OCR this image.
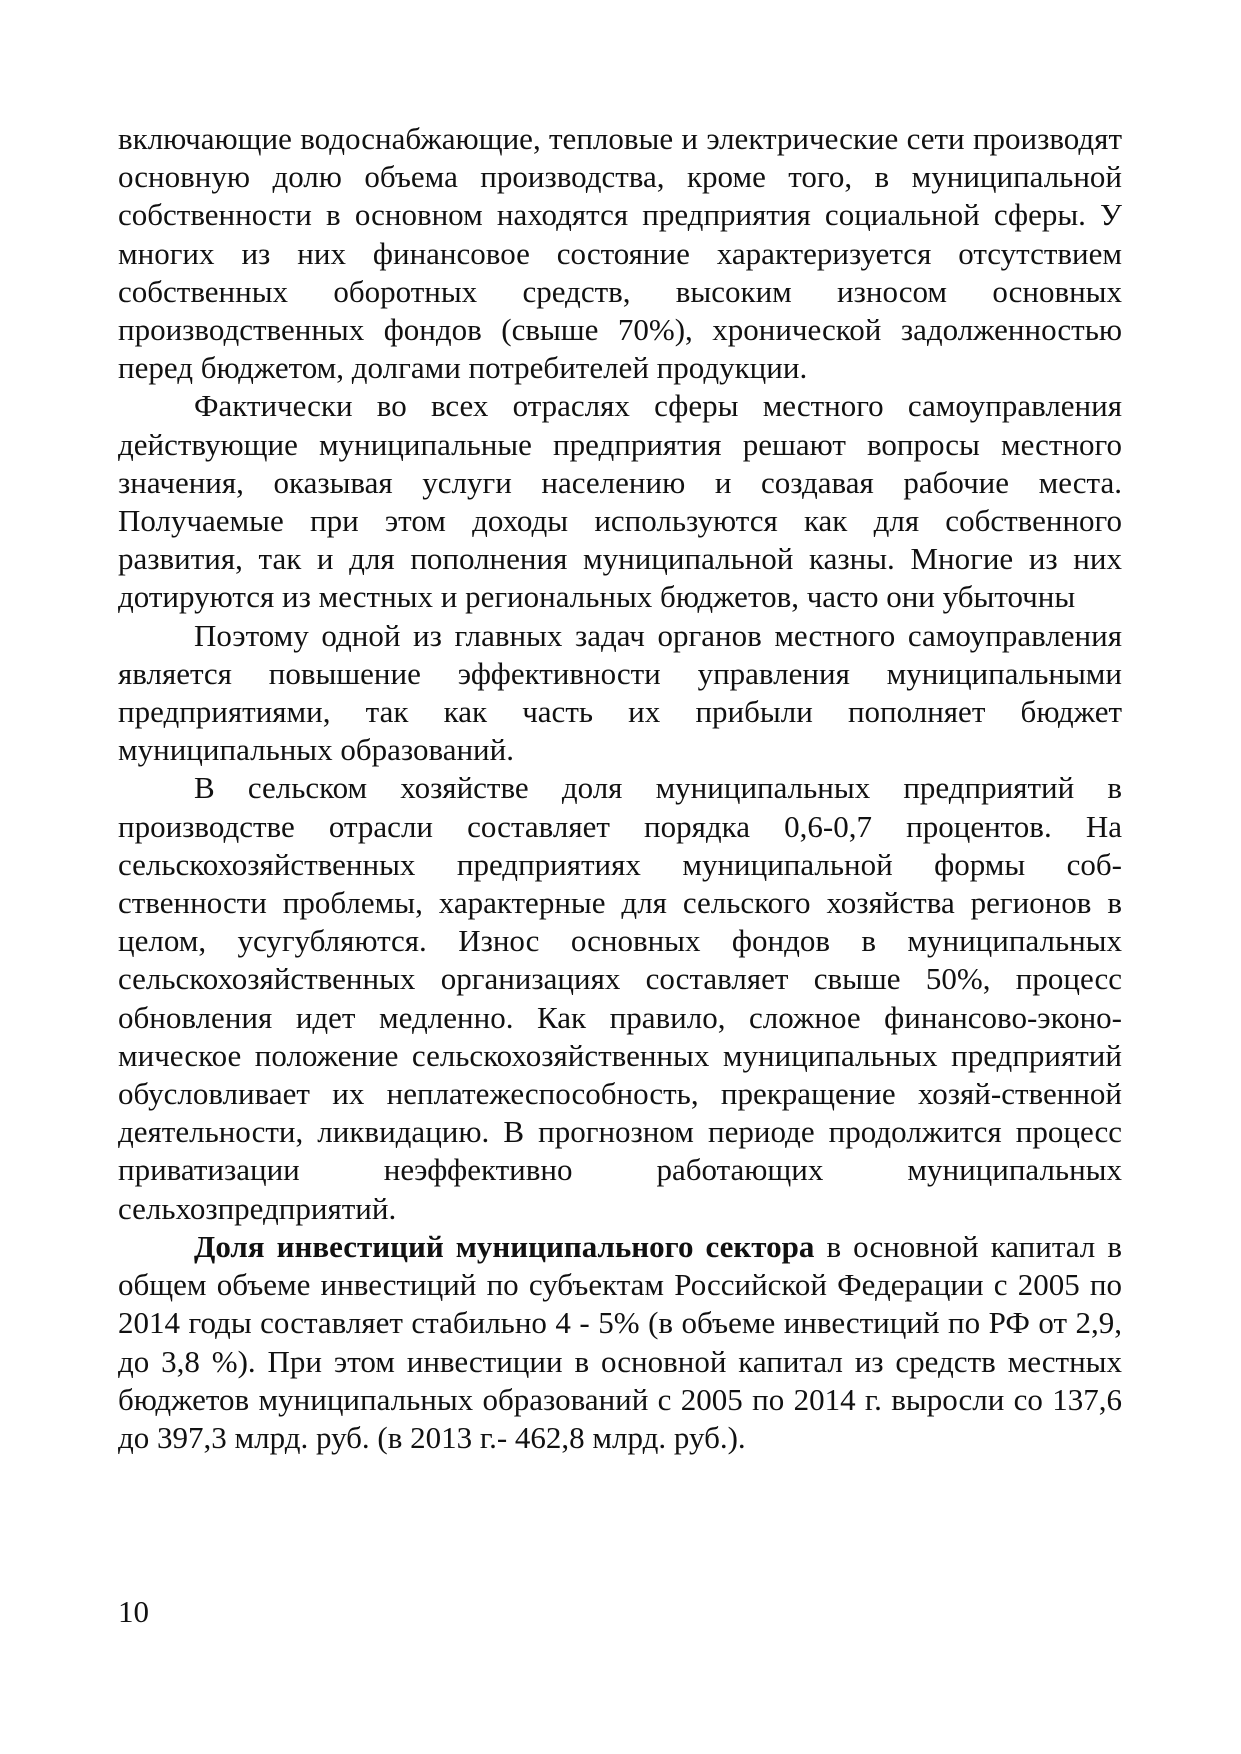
включающие водоснабжающие, тепловые и электрические сети производят основную долю объема производства, кроме того, в муниципальной собственности в основном находятся предприятия социальной сферы. У многих из них финансовое состояние характеризуется отсутствием собственных оборотных средств, высоким износом основных производственных фондов (свыше 70%), хронической задолженностью перед бюджетом, долгами потребителей продукции.

Фактически во всех отраслях сферы местного самоуправления действующие муниципальные предприятия решают вопросы местного значения, оказывая услуги населению и создавая рабочие места. Получаемые при этом доходы используются как для собственного развития, так и для пополнения муниципальной казны. Многие из них дотируются из местных и региональных бюджетов, часто они убыточны

Поэтому одной из главных задач органов местного самоуправления является повышение эффективности управления муниципальными предприятиями, так как часть их прибыли пополняет бюджет муниципальных образований.

В сельском хозяйстве доля муниципальных предприятий в производстве отрасли составляет порядка 0,6-0,7 процентов. На сельскохозяйственных предприятиях муниципальной формы собственности проблемы, характерные для сельского хозяйства регионов в целом, усугубляются. Износ основных фондов в муниципальных сельскохозяйственных организациях составляет свыше 50%, процесс обновления идет медленно. Как правило, сложное финансово-экономическое положение сельскохозяйственных муниципальных предприятий обусловливает их неплатежеспособность, прекращение хозяй-ственной деятельности, ликвидацию. В прогнозном периоде продолжится процесс приватизации неэффективно работающих муниципальных сельхозпредприятий.

Доля инвестиций муниципального сектора в основной капитал в общем объеме инвестиций по субъектам Российской Федерации с 2005 по 2014 годы составляет стабильно 4 - 5% (в объеме инвестиций по РФ от 2,9, до 3,8 %). При этом инвестиции в основной капитал из средств местных бюджетов муниципальных образований с 2005 по 2014 г. выросли со 137,6 до 397,3 млрд. руб. (в 2013 г.- 462,8 млрд. руб.).

10
